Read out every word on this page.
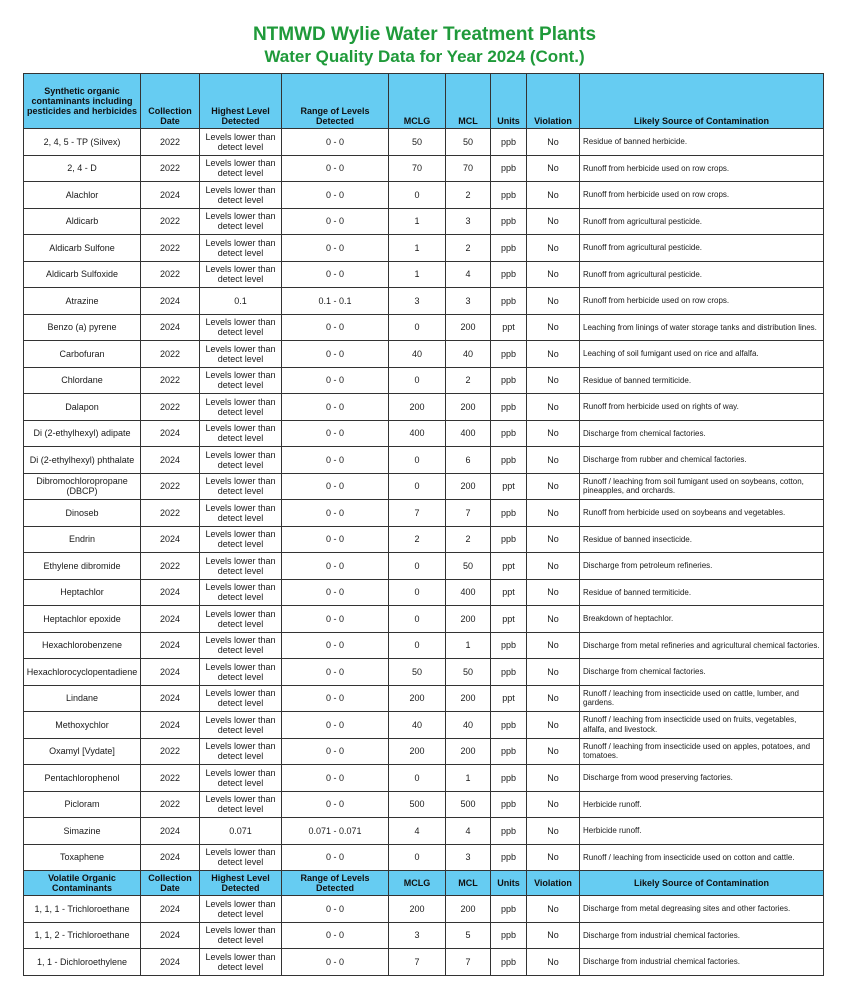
NTMWD Wylie Water Treatment Plants
Water Quality Data for Year 2024 (Cont.)
Synthetic organic contaminants including pesticides and herbicides	Collection Date	Highest Level Detected	Range of Levels Detected	MCLG	MCL	Units	Violation	Likely Source of Contamination
2, 4, 5 - TP (Silvex)	2022	Levels lower than detect level	0 - 0	50	50	ppb	No	Residue of banned herbicide.
2, 4 - D	2022	Levels lower than detect level	0 - 0	70	70	ppb	No	Runoff from herbicide used on row crops.
Alachlor	2024	Levels lower than detect level	0 - 0	0	2	ppb	No	Runoff from herbicide used on row crops.
Aldicarb	2022	Levels lower than detect level	0 - 0	1	3	ppb	No	Runoff from agricultural pesticide.
Aldicarb Sulfone	2022	Levels lower than detect level	0 - 0	1	2	ppb	No	Runoff from agricultural pesticide.
Aldicarb Sulfoxide	2022	Levels lower than detect level	0 - 0	1	4	ppb	No	Runoff from agricultural pesticide.
Atrazine	2024	0.1	0.1 - 0.1	3	3	ppb	No	Runoff from herbicide used on row crops.
Benzo (a) pyrene	2024	Levels lower than detect level	0 - 0	0	200	ppt	No	Leaching from linings of water storage tanks and distribution lines.
Carbofuran	2022	Levels lower than detect level	0 - 0	40	40	ppb	No	Leaching of soil fumigant used on rice and alfalfa.
Chlordane	2022	Levels lower than detect level	0 - 0	0	2	ppb	No	Residue of banned termiticide.
Dalapon	2022	Levels lower than detect level	0 - 0	200	200	ppb	No	Runoff from herbicide used on rights of way.
Di (2-ethylhexyl) adipate	2024	Levels lower than detect level	0 - 0	400	400	ppb	No	Discharge from chemical factories.
Di (2-ethylhexyl) phthalate	2024	Levels lower than detect level	0 - 0	0	6	ppb	No	Discharge from rubber and chemical factories.
Dibromochloropropane (DBCP)	2022	Levels lower than detect level	0 - 0	0	200	ppt	No	Runoff / leaching from soil fumigant used on soybeans, cotton, pineapples, and orchards.
Dinoseb	2022	Levels lower than detect level	0 - 0	7	7	ppb	No	Runoff from herbicide used on soybeans and vegetables.
Endrin	2024	Levels lower than detect level	0 - 0	2	2	ppb	No	Residue of banned insecticide.
Ethylene dibromide	2022	Levels lower than detect level	0 - 0	0	50	ppt	No	Discharge from petroleum refineries.
Heptachlor	2024	Levels lower than detect level	0 - 0	0	400	ppt	No	Residue of banned termiticide.
Heptachlor epoxide	2024	Levels lower than detect level	0 - 0	0	200	ppt	No	Breakdown of heptachlor.
Hexachlorobenzene	2024	Levels lower than detect level	0 - 0	0	1	ppb	No	Discharge from metal refineries and agricultural chemical factories.
Hexachlorocyclopentadiene	2024	Levels lower than detect level	0 - 0	50	50	ppb	No	Discharge from chemical factories.
Lindane	2024	Levels lower than detect level	0 - 0	200	200	ppt	No	Runoff / leaching from insecticide used on cattle, lumber, and gardens.
Methoxychlor	2024	Levels lower than detect level	0 - 0	40	40	ppb	No	Runoff / leaching from insecticide used on fruits, vegetables, alfalfa, and livestock.
Oxamyl [Vydate]	2022	Levels lower than detect level	0 - 0	200	200	ppb	No	Runoff / leaching from insecticide used on apples, potatoes, and tomatoes.
Pentachlorophenol	2022	Levels lower than detect level	0 - 0	0	1	ppb	No	Discharge from wood preserving factories.
Picloram	2022	Levels lower than detect level	0 - 0	500	500	ppb	No	Herbicide runoff.
Simazine	2024	0.071	0.071 - 0.071	4	4	ppb	No	Herbicide runoff.
Toxaphene	2024	Levels lower than detect level	0 - 0	0	3	ppb	No	Runoff / leaching from insecticide used on cotton and cattle.
Volatile Organic Contaminants	Collection Date	Highest Level Detected	Range of Levels Detected	MCLG	MCL	Units	Violation	Likely Source of Contamination
1, 1, 1 - Trichloroethane	2024	Levels lower than detect level	0 - 0	200	200	ppb	No	Discharge from metal degreasing sites and other factories.
1, 1, 2 - Trichloroethane	2024	Levels lower than detect level	0 - 0	3	5	ppb	No	Discharge from industrial chemical factories.
1, 1 - Dichloroethylene	2024	Levels lower than detect level	0 - 0	7	7	ppb	No	Discharge from industrial chemical factories.
